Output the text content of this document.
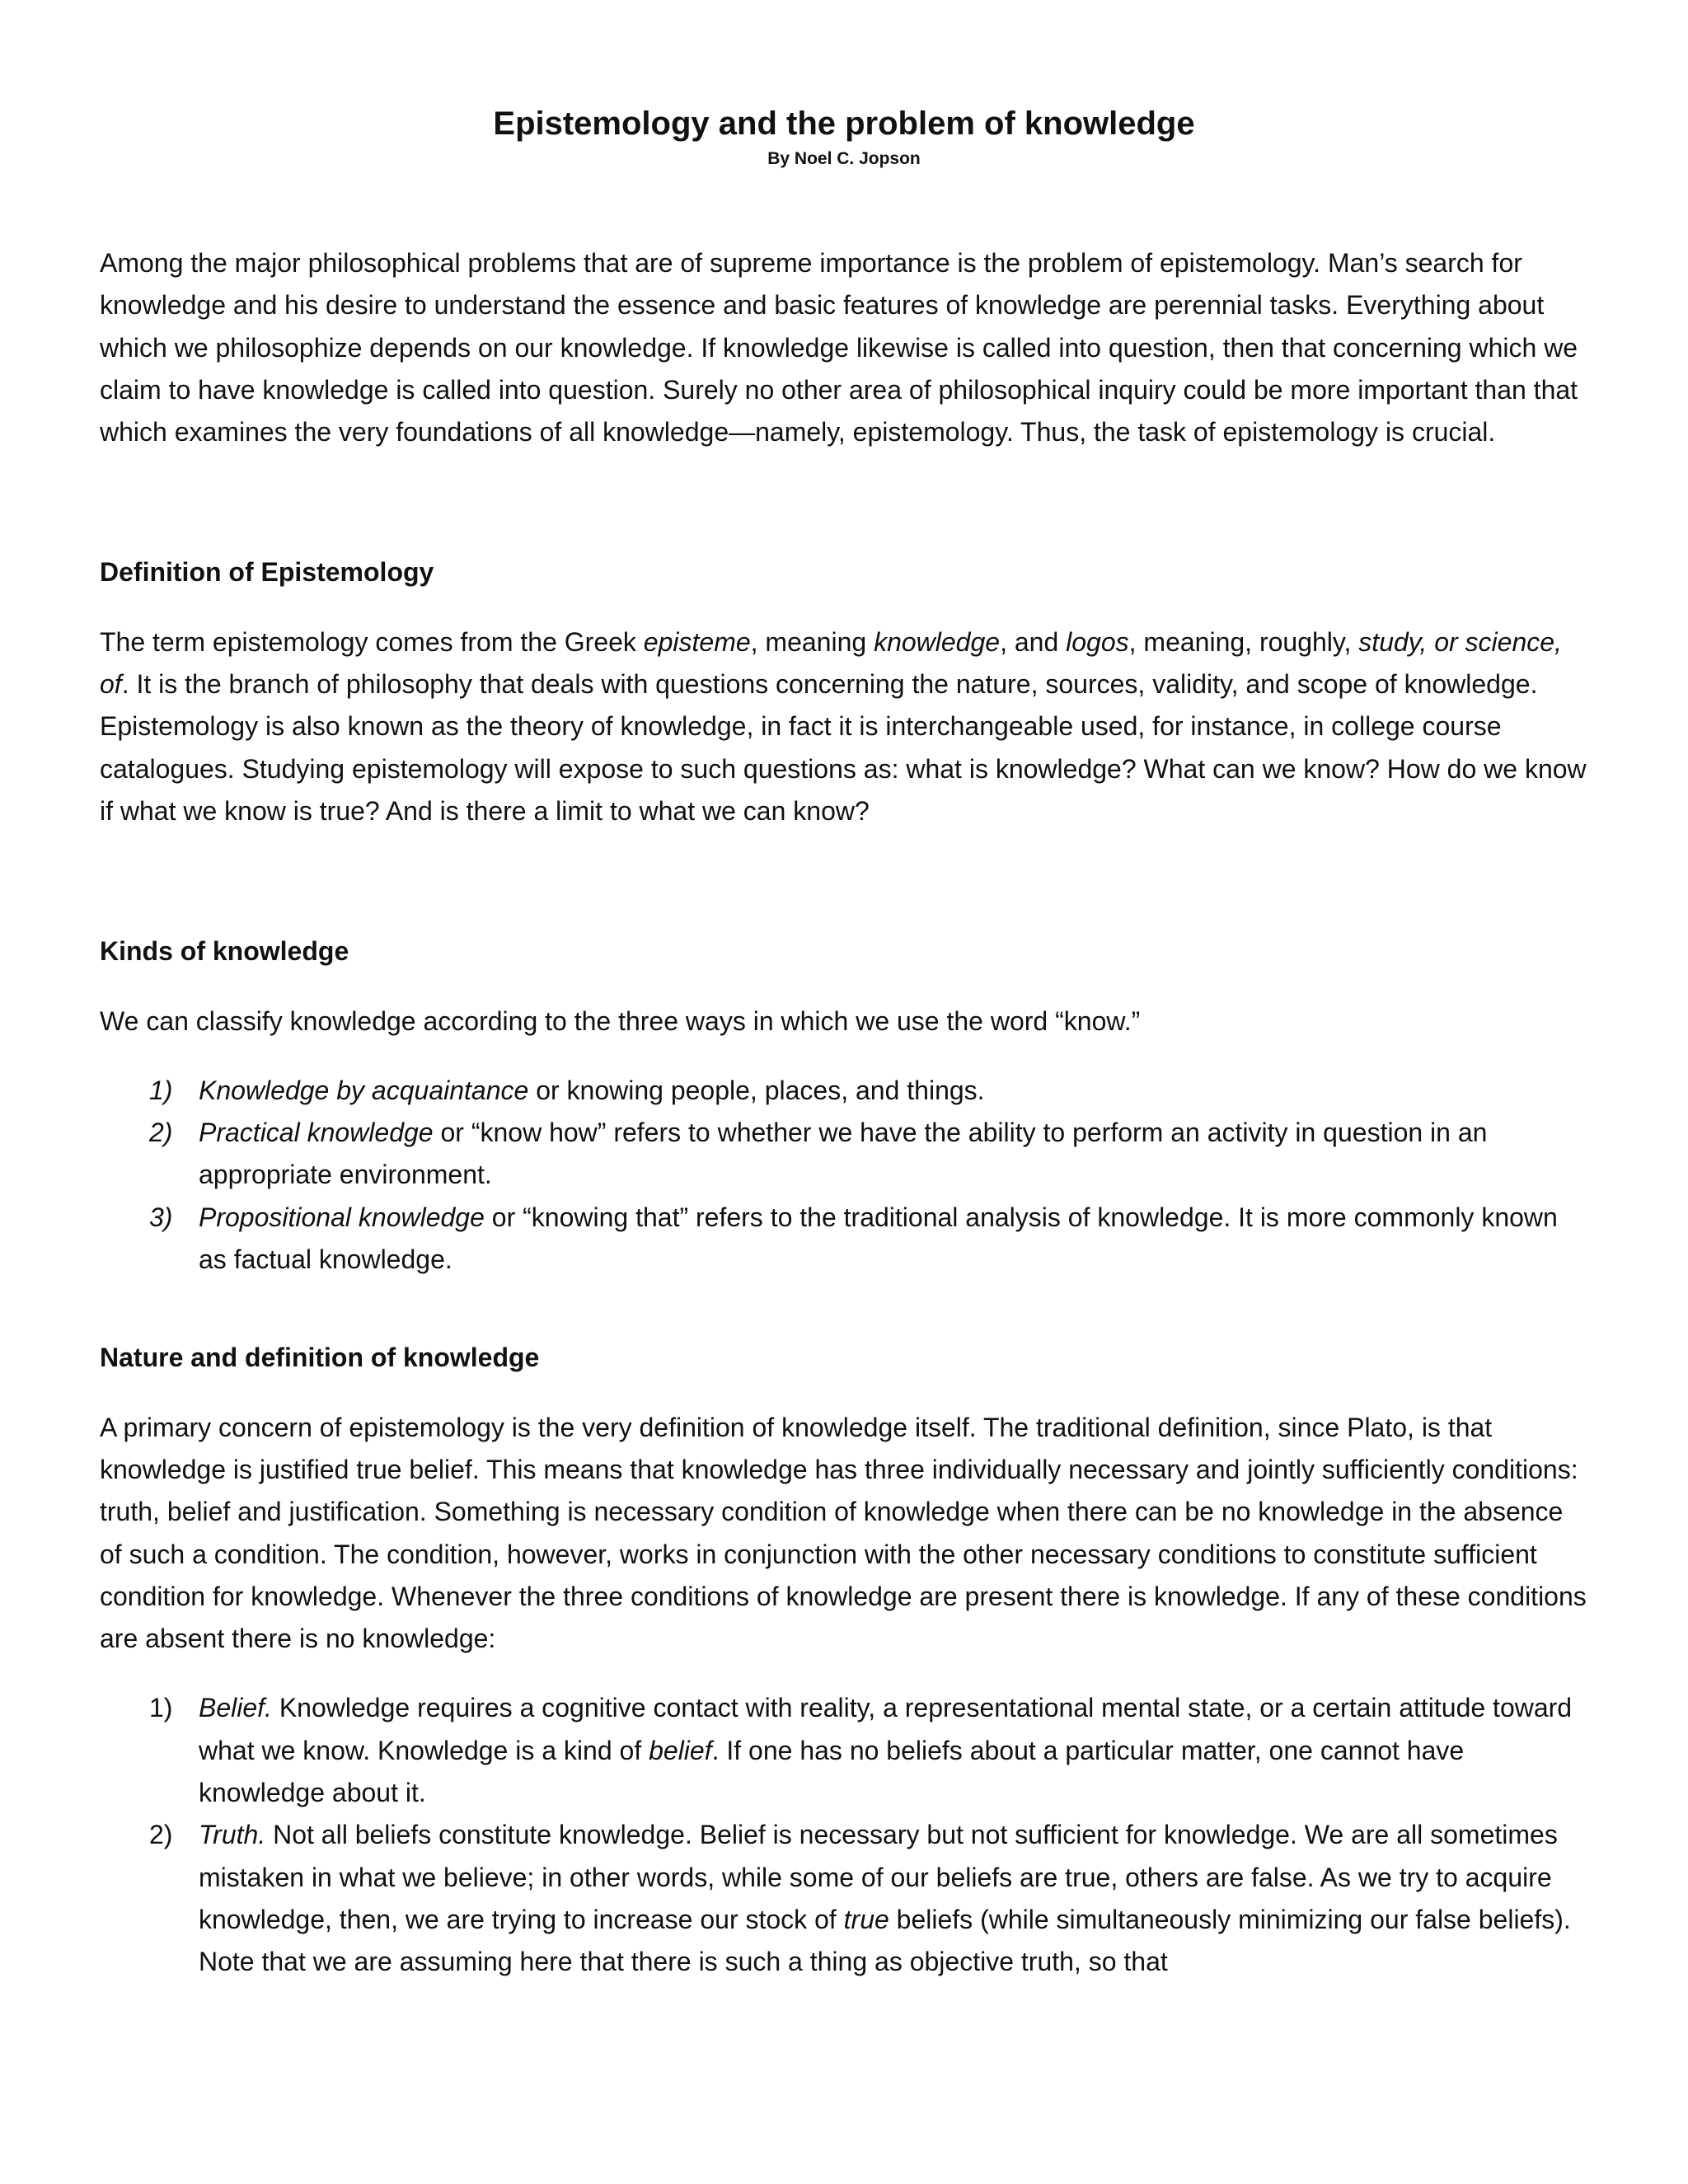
Epistemology and the problem of knowledge
By Noel C. Jopson

Among the major philosophical problems that are of supreme importance is the problem of epistemology. Man’s search for knowledge and his desire to understand the essence and basic features of knowledge are perennial tasks. Everything about which we philosophize depends on our knowledge. If knowledge likewise is called into question, then that concerning which we claim to have knowledge is called into question. Surely no other area of philosophical inquiry could be more important than that which examines the very foundations of all knowledge—namely, epistemology. Thus, the task of epistemology is crucial.

Definition of Epistemology

The term epistemology comes from the Greek episteme, meaning knowledge, and logos, meaning, roughly, study, or science, of. It is the branch of philosophy that deals with questions concerning the nature, sources, validity, and scope of knowledge. Epistemology is also known as the theory of knowledge, in fact it is interchangeable used, for instance, in college course catalogues. Studying epistemology will expose to such questions as: what is knowledge? What can we know? How do we know if what we know is true? And is there a limit to what we can know?

Kinds of knowledge

We can classify knowledge according to the three ways in which we use the word “know.”

1) Knowledge by acquaintance or knowing people, places, and things.
2) Practical knowledge or “know how” refers to whether we have the ability to perform an activity in question in an appropriate environment.
3) Propositional knowledge or “knowing that” refers to the traditional analysis of knowledge. It is more commonly known as factual knowledge.
Nature and definition of knowledge

A primary concern of epistemology is the very definition of knowledge itself. The traditional definition, since Plato, is that knowledge is justified true belief. This means that knowledge has three individually necessary and jointly sufficiently conditions: truth, belief and justification. Something is necessary condition of knowledge when there can be no knowledge in the absence of such a condition. The condition, however, works in conjunction with the other necessary conditions to constitute sufficient condition for knowledge. Whenever the three conditions of knowledge are present there is knowledge. If any of these conditions are absent there is no knowledge:

1) Belief. Knowledge requires a cognitive contact with reality, a representational mental state, or a certain attitude toward what we know. Knowledge is a kind of belief. If one has no beliefs about a particular matter, one cannot have knowledge about it.
2) Truth. Not all beliefs constitute knowledge. Belief is necessary but not sufficient for knowledge. We are all sometimes mistaken in what we believe; in other words, while some of our beliefs are true, others are false. As we try to acquire knowledge, then, we are trying to increase our stock of true beliefs (while simultaneously minimizing our false beliefs). Note that we are assuming here that there is such a thing as objective truth, so that
